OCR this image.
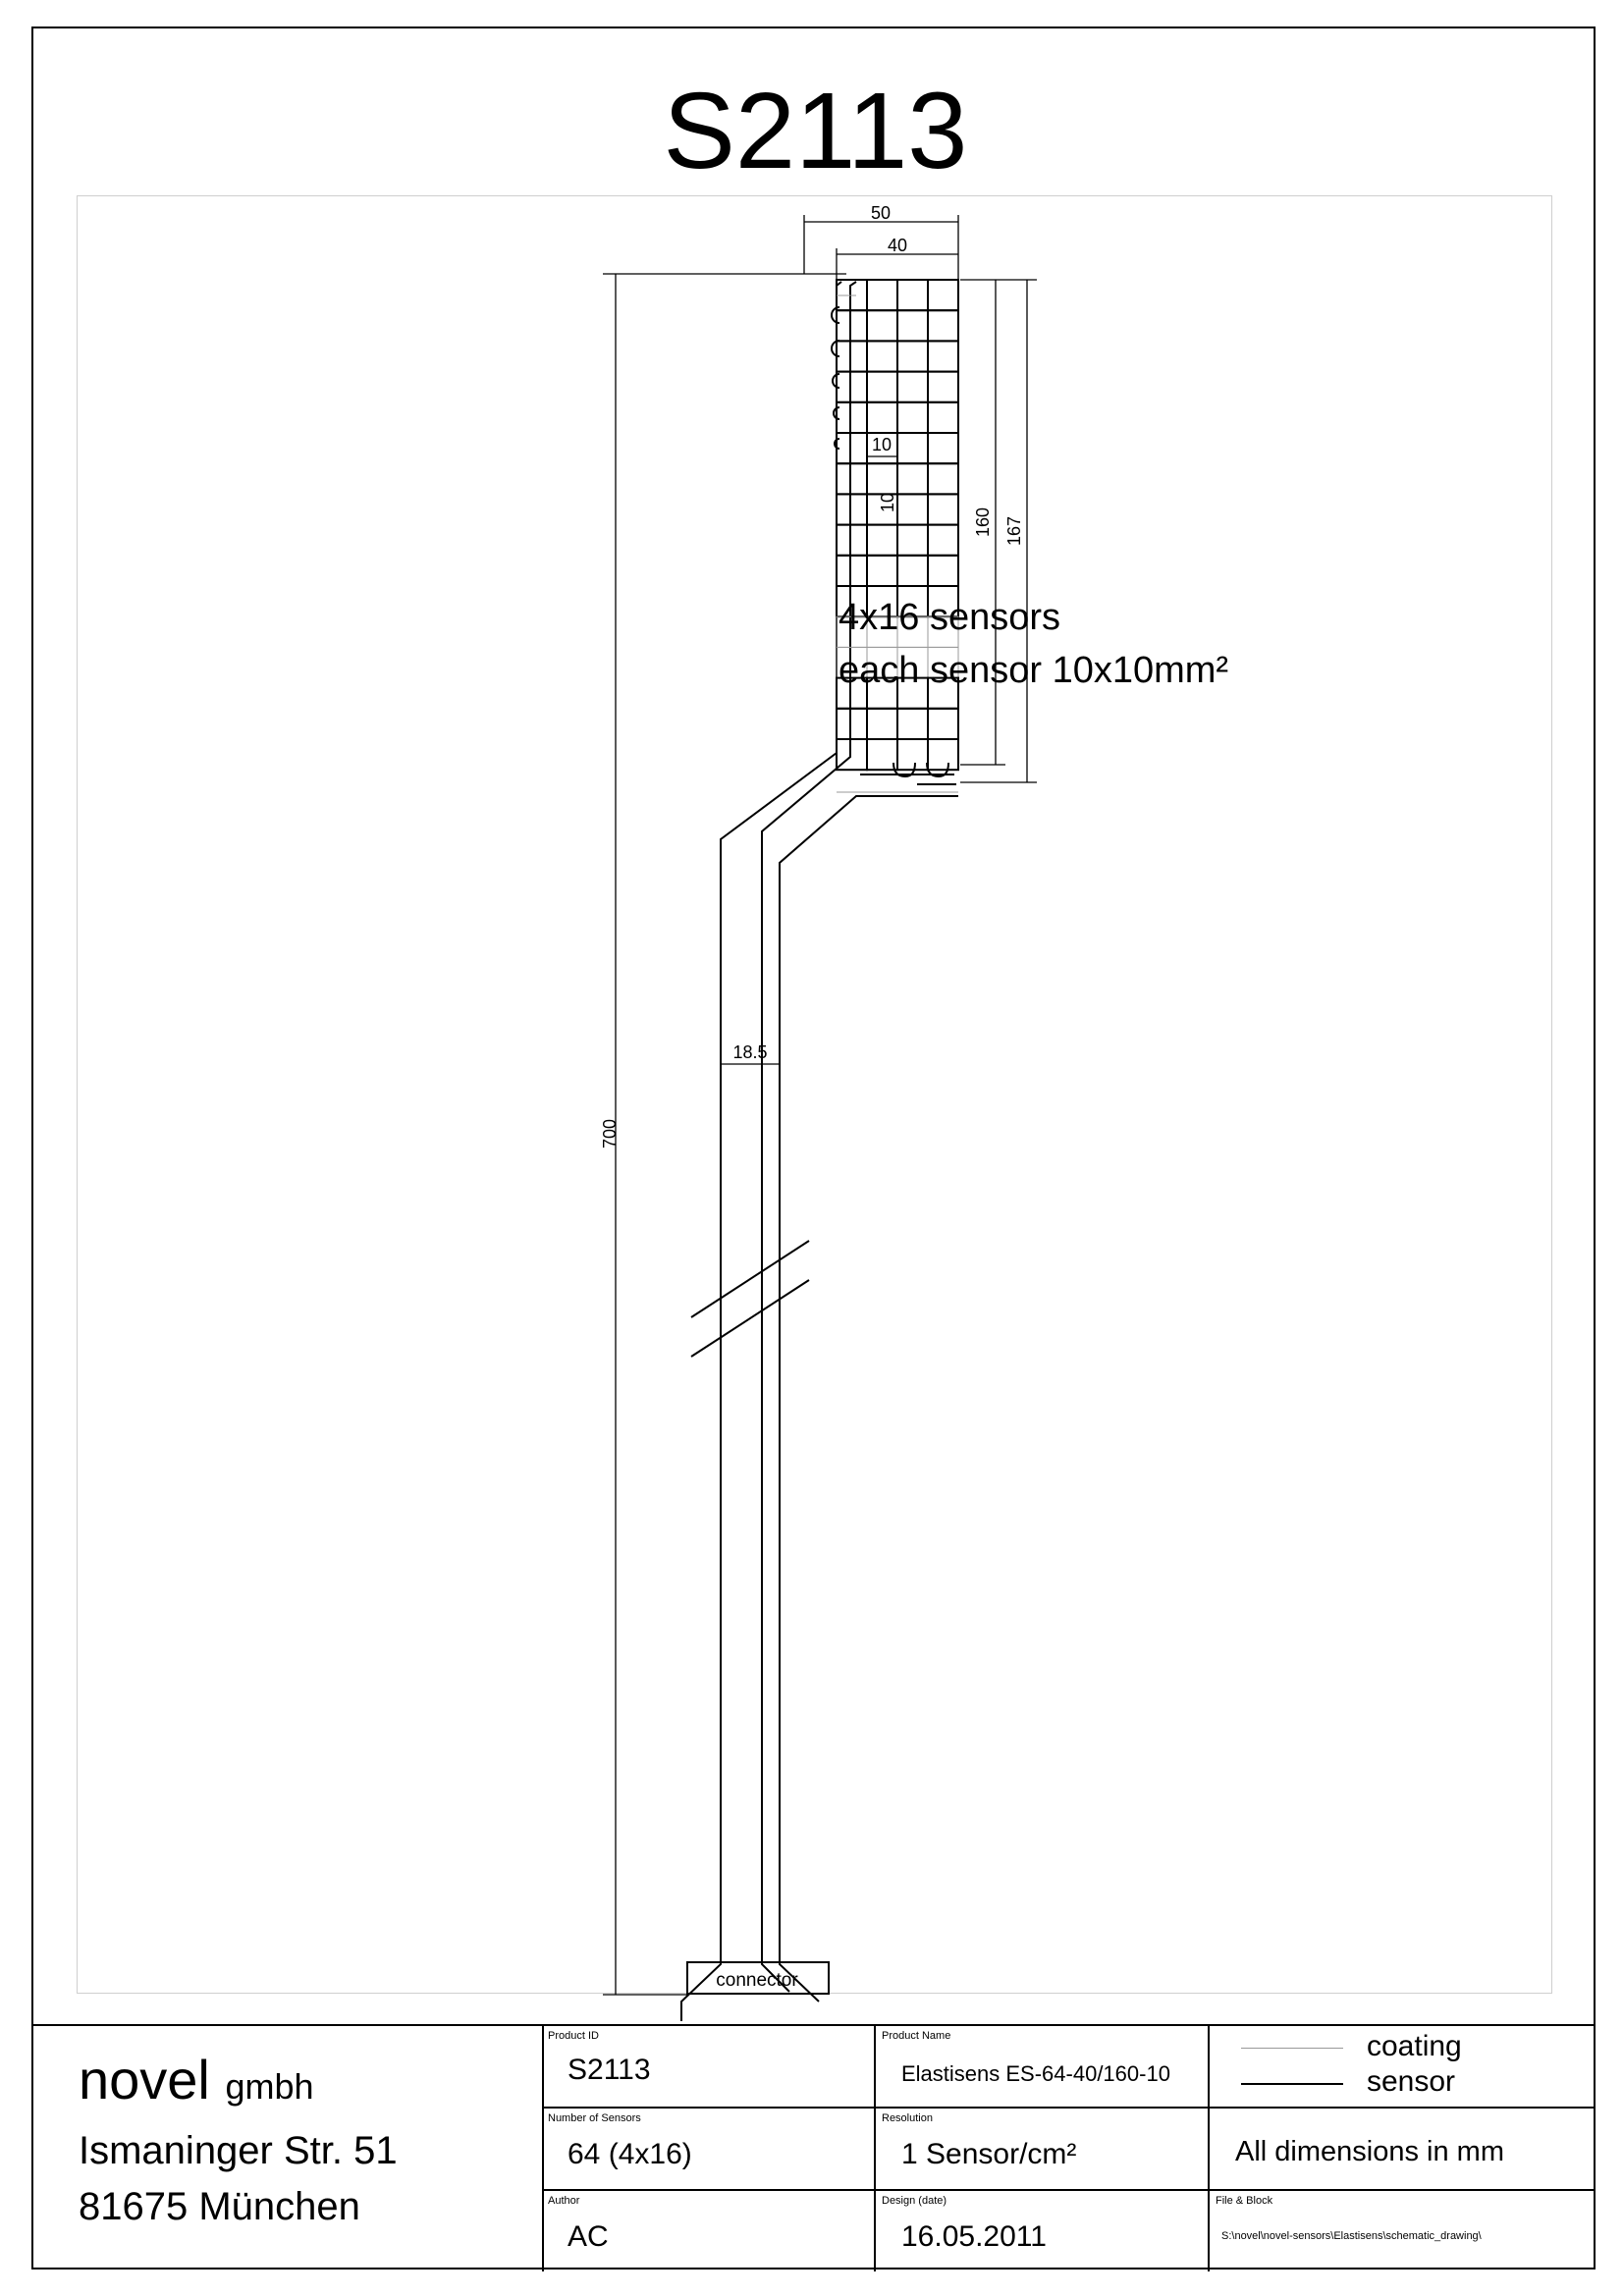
S2113
50
40
10
10
160 167
18.5
700
connector
4x16 sensors
each sensor 10x10mm²
novel gmbh
Ismaninger Str. 51
81675 München
Product ID
S2113
Product Name
Elastisens ES-64-40/160-10
coating
sensor
Number of Sensors
64 (4x16)
Resolution
1 Sensor/cm²	All dimensions in mm
Author
AC
Design (date)
16.05.2011
File & Block
S:\novel\novel-sensors\Elastisens\schematic_drawing\
